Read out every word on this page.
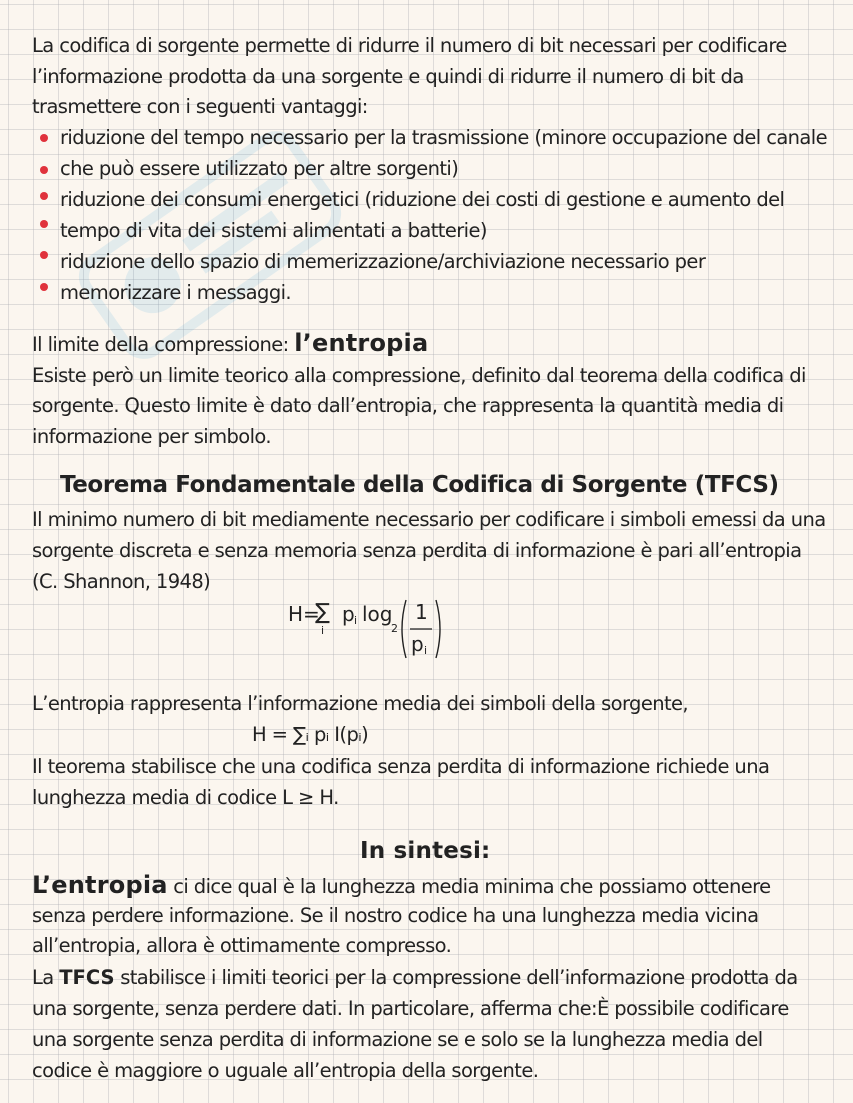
La codifica di sorgente permette di ridurre il numero di bit necessari per codificare
l’informazione prodotta da una sorgente e quindi di ridurre il numero di bit da
trasmettere con i seguenti vantaggi:
riduzione del tempo necessario per la trasmissione (minore occupazione del canale
che può essere utilizzato per altre sorgenti)
riduzione dei consumi energetici (riduzione dei costi di gestione e aumento del
tempo di vita dei sistemi alimentati a batterie)
riduzione dello spazio di memerizzazione/archiviazione necessario per
memorizzare i messaggi.
Il limite della compressione: l’entropia
Esiste però un limite teorico alla compressione, definito dal teorema della codifica di
sorgente. Questo limite è dato dall’entropia, che rappresenta la quantità media di
informazione per simbolo.
Teorema Fondamentale della Codifica di Sorgente (TFCS)
Il minimo numero di bit mediamente necessario per codificare i simboli emessi da una
sorgente discreta e senza memoria senza perdita di informazione è pari all’entropia
(C. Shannon, 1948)
H=
∑
i
p i log
2
1
p i
L’entropia rappresenta l’informazione media dei simboli della sorgente,
H = ∑ᵢ pᵢ I(pᵢ)
Il teorema stabilisce che una codifica senza perdita di informazione richiede una
lunghezza media di codice L ≥ H.
In sintesi:
L’entropia ci dice qual è la lunghezza media minima che possiamo ottenere
senza perdere informazione. Se il nostro codice ha una lunghezza media vicina
all’entropia, allora è ottimamente compresso.
La TFCS stabilisce i limiti teorici per la compressione dell’informazione prodotta da
una sorgente, senza perdere dati. In particolare, afferma che:È possibile codificare
una sorgente senza perdita di informazione se e solo se la lunghezza media del
codice è maggiore o uguale all’entropia della sorgente.
